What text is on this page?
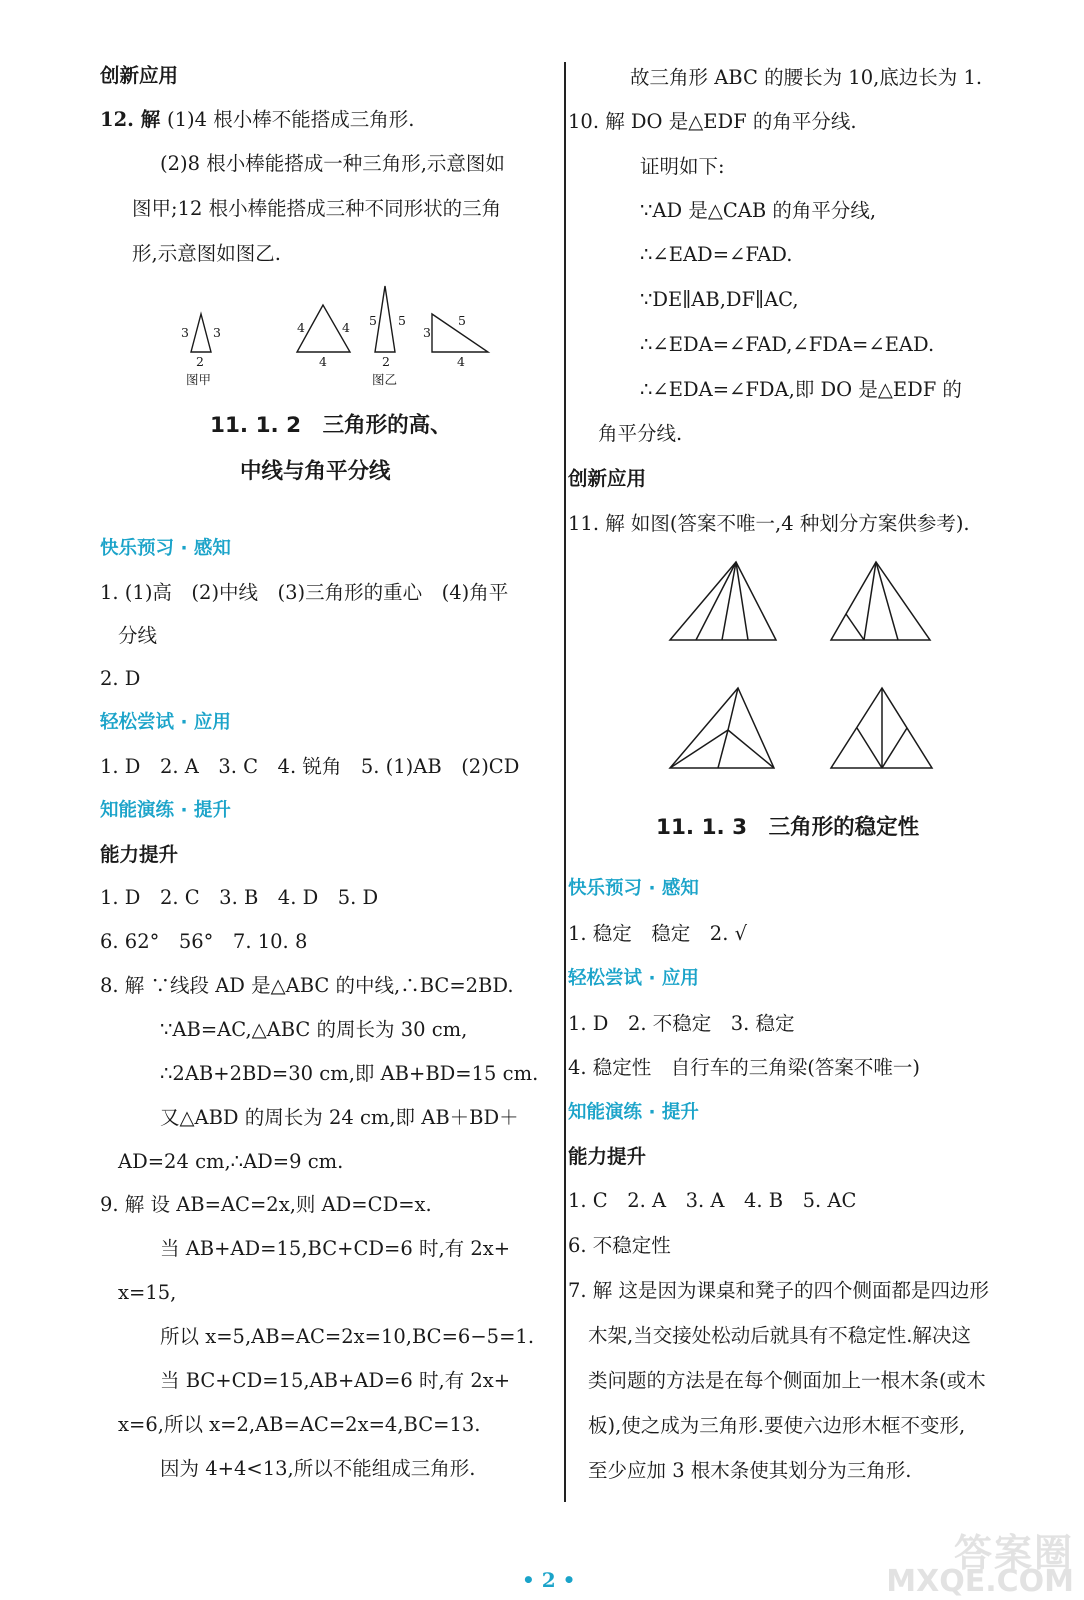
创新应用
12. 解 (1)4 根小棒不能搭成三角形.
(2)8 根小棒能搭成一种三角形,示意图如
图甲;12 根小棒能搭成三种不同形状的三角
形,示意图如图乙.
3 3
2
图甲
4	4
4
5 5
2
图乙
3
5
4
11. 1. 2　三角形的高、
中线与角平分线
快乐预习 · 感知
1. (1)高　(2)中线　(3)三角形的重心　(4)角平
分线
2. D
轻松尝试 · 应用
1. D　2. A　3. C　4. 锐角　5. (1)AB　(2)CD
知能演练 · 提升
能力提升
1. D　2. C　3. B　4. D　5. D
6. 62°　56°　7. 10. 8
8. 解 ∵线段 AD 是△ABC 的中线,∴BC=2BD.
∵AB=AC,△ABC 的周长为 30 cm,
∴2AB+2BD=30 cm,即 AB+BD=15 cm.
又△ABD 的周长为 24 cm,即 AB＋BD＋
AD=24 cm,∴AD=9 cm.
9. 解 设 AB=AC=2x,则 AD=CD=x.
当 AB+AD=15,BC+CD=6 时,有 2x+
x=15,
所以 x=5,AB=AC=2x=10,BC=6−5=1.
当 BC+CD=15,AB+AD=6 时,有 2x+
x=6,所以 x=2,AB=AC=2x=4,BC=13.
因为 4+4<13,所以不能组成三角形.
故三角形 ABC 的腰长为 10,底边长为 1.
10. 解 DO 是△EDF 的角平分线.
证明如下:
∵AD 是△CAB 的角平分线,
∴∠EAD=∠FAD.
∵DE∥AB,DF∥AC,
∴∠EDA=∠FAD,∠FDA=∠EAD.
∴∠EDA=∠FDA,即 DO 是△EDF 的
角平分线.
创新应用
11. 解 如图(答案不唯一,4 种划分方案供参考).
11. 1. 3　三角形的稳定性
快乐预习 · 感知
1. 稳定　稳定　2. √
轻松尝试 · 应用
1. D　2. 不稳定　3. 稳定
4. 稳定性　自行车的三角梁(答案不唯一)
知能演练 · 提升
能力提升
1. C　2. A　3. A　4. B　5. AC
6. 不稳定性
7. 解 这是因为课桌和凳子的四个侧面都是四边形
木架,当交接处松动后就具有不稳定性.解决这
类问题的方法是在每个侧面加上一根木条(或木
板),使之成为三角形.要使六边形木框不变形,
至少应加 3 根木条使其划分为三角形.
• 2 •
答案圈
MXQE.COM
